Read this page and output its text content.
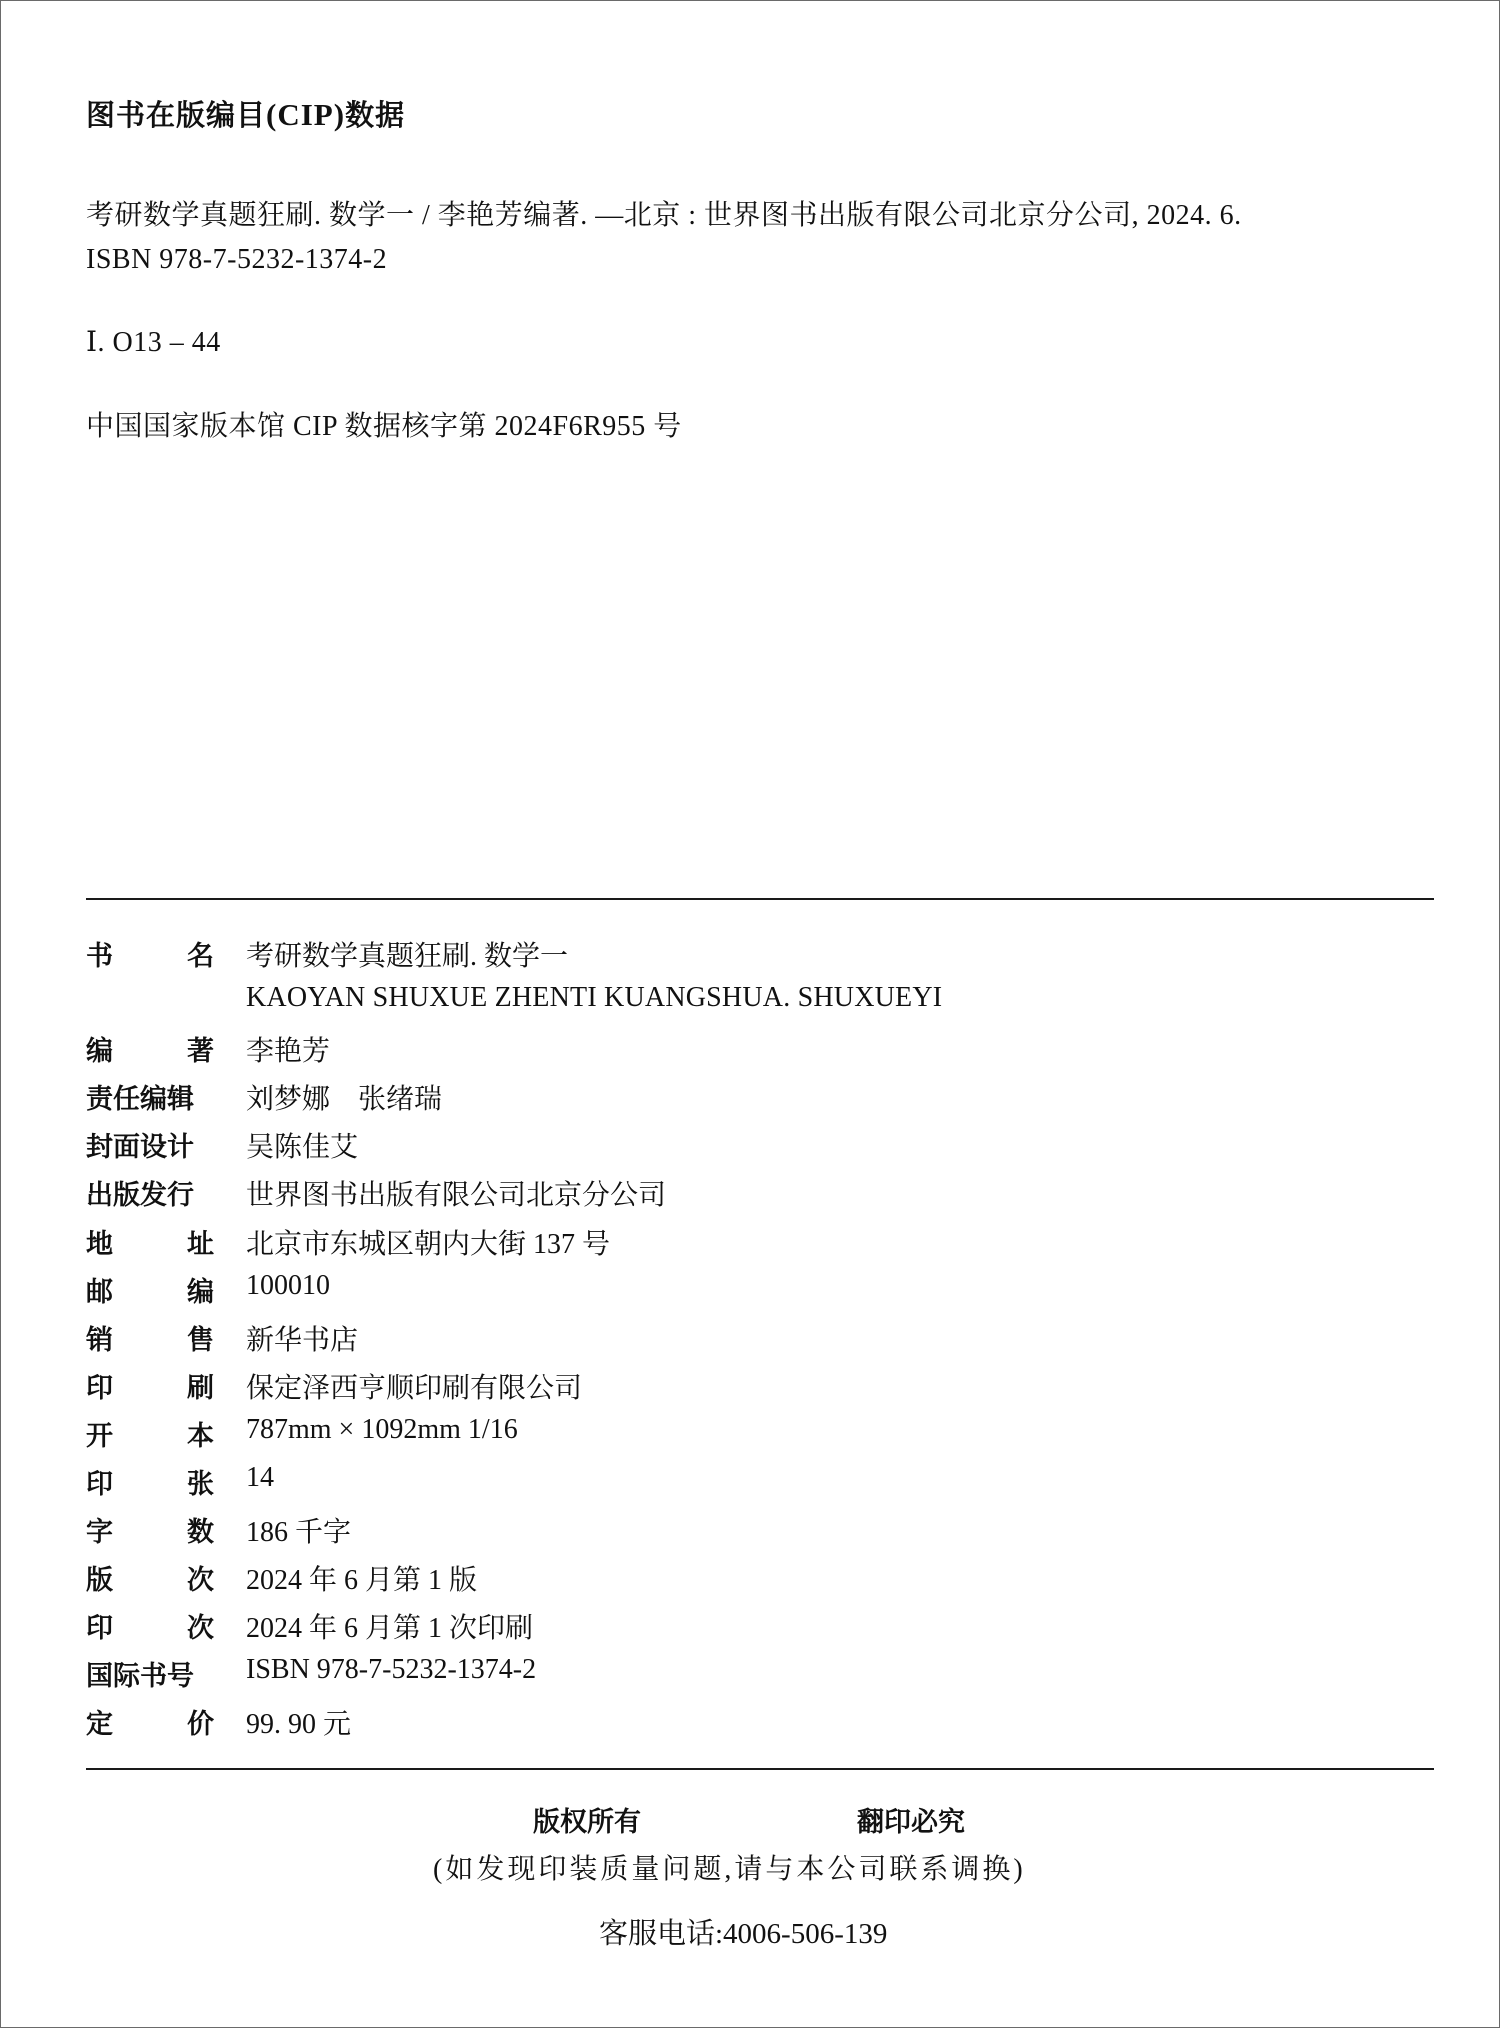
图书在版编目(CIP)数据
考研数学真题狂刷. 数学一 / 李艳芳编著. —北京 : 世界图书出版有限公司北京分公司, 2024. 6.
ISBN 978-7-5232-1374-2
Ⅰ. O13 – 44
中国国家版本馆 CIP 数据核字第 2024F6R955 号
书	名 考研数学真题狂刷. 数学一
KAOYAN SHUXUE ZHENTI KUANGSHUA. SHUXUEYI
编	著 李艳芳
责任编辑 刘梦娜　张绪瑞
封面设计 吴陈佳艾
出版发行 世界图书出版有限公司北京分公司
地	址 北京市东城区朝内大街 137 号
邮	编 100010
销	售 新华书店
印	刷 保定泽西亨顺印刷有限公司
开	本 787mm × 1092mm 1/16
印	张 14
字	数 186 千字
版	次 2024 年 6 月第 1 版
印	次 2024 年 6 月第 1 次印刷
国际书号 ISBN 978-7-5232-1374-2
定	价 99. 90 元
版权所有	翻印必究
(如发现印装质量问题,请与本公司联系调换)
客服电话:4006-506-139
